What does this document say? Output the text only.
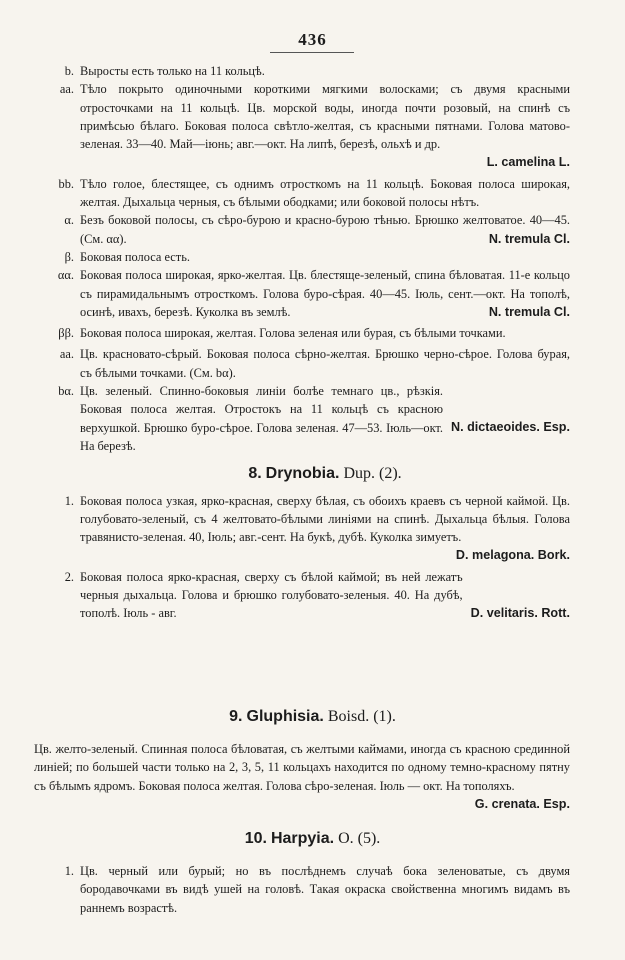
436
b. Выросты есть только на 11 кольцѣ.
aa. Тѣло покрыто одиночными короткими мягкими волосками; съ двумя красными отросточками на 11 кольцѣ. Цв. морской воды, иногда почти розовый, на спинѣ съ примѣсью бѣлаго. Боковая полоса свѣтло-желтая, съ красными пятнами. Голова матово-зеленая. 33—40. Май—іюнь; авг.—окт. На липѣ, березѣ, ольхѣ и др.
L. camelina L.
bb. Тѣло голое, блестящее, съ однимъ отросткомъ на 11 кольцѣ. Боковая полоса широкая, желтая. Дыхальца черныя, съ бѣлыми ободками; или боковой полосы нѣтъ.
α. Безъ боковой полосы, съ сѣро-бурою и красно-бурою тѣнью. Брюшко желтоватое. 40—45. (См. αα).	N. tremula Cl.
β. Боковая полоса есть.
αα. Боковая полоса широкая, ярко-желтая. Цв. блестяще-зеленый, спина бѣловатая. 11-е кольцо съ пирамидальнымъ отросткомъ. Голова буро-сѣрая. 40—45. Іюль, сент.—окт. На тополѣ, осинѣ, ивахъ, березѣ. Куколка въ землѣ.	N. tremula Cl.
ββ. Боковая полоса широкая, желтая. Голова зеленая или бурая, съ бѣлыми точками.
aa. Цв. красновато-сѣрый. Боковая полоса сѣрно-желтая. Брюшко черно-сѣрое. Голова бурая, съ бѣлыми точками. (См. bα).
bα.
N. dictaeoides. Esp.
Цв. зеленый. Спинно-боковыя линіи болѣе темнаго цв., рѣзкія. Боковая полоса желтая. Отростокъ на 11 кольцѣ съ красною верхушкой. Брюшко буро-сѣрое. Голова зеленая. 47—53. Іюль—окт. На березѣ.
8. Drynobia. Dup. (2).
1. Боковая полоса узкая, ярко-красная, сверху бѣлая, съ обоихъ краевъ съ черной каймой. Цв. голубовато-зеленый, съ 4 желтовато-бѣлыми линіями на спинѣ. Дыхальца бѣлыя. Голова травянисто-зеленая. 40, Іюль; авг.-сент. На букѣ, дубѣ. Куколка зимуетъ.
D. melagona. Bork.
2.
D. velitaris. Rott.
Боковая полоса ярко-красная, сверху съ бѣлой каймой; въ ней лежатъ черныя дыхальца. Голова и брюшко голубовато-зеленыя. 40. На дубѣ, тополѣ. Іюль - авг.
9. Gluphisia. Boisd. (1).
Цв. желто-зеленый. Спинная полоса бѣловатая, съ желтыми каймами, иногда съ красною срединной линіей; по большей части только на 2, 3, 5, 11 кольцахъ находится по одному темно-красному пятну съ бѣлымъ ядромъ. Боковая полоса желтая. Голова сѣро-зеленая. Іюль — окт. На тополяхъ.
G. crenata. Esp.
10. Harpyia. O. (5).
1. Цв. черный или бурый; но въ послѣднемъ случаѣ бока зеленоватые, съ двумя бородавочками въ видѣ ушей на головѣ. Такая окраска свойственна многимъ видамъ въ раннемъ возрастѣ.
